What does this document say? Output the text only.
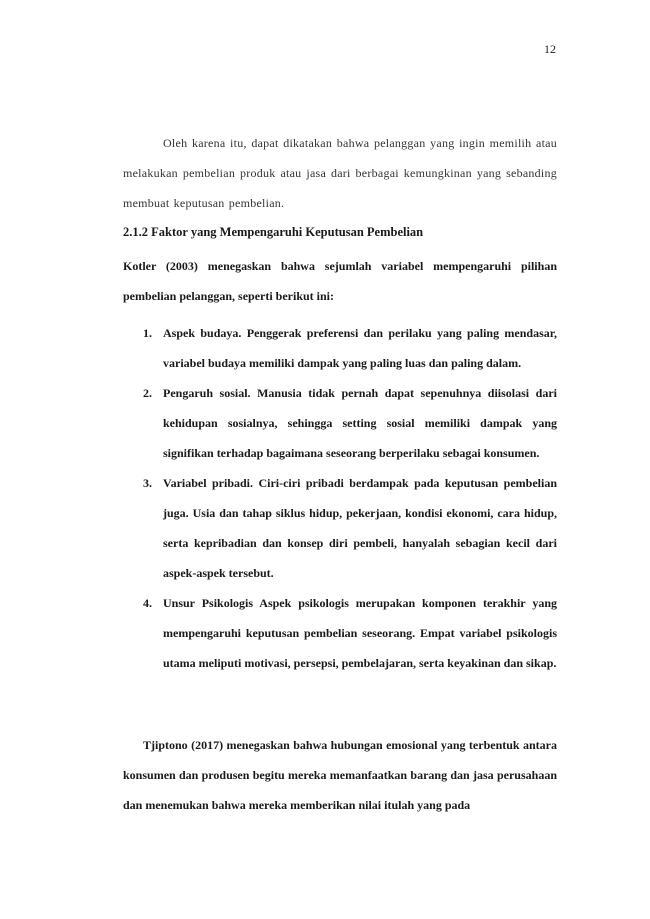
12

Oleh karena itu, dapat dikatakan bahwa pelanggan yang ingin memilih atau melakukan pembelian produk atau jasa dari berbagai kemungkinan yang sebanding membuat keputusan pembelian.

2.1.2 Faktor yang Mempengaruhi Keputusan Pembelian

Kotler (2003) menegaskan bahwa sejumlah variabel mempengaruhi pilihan pembelian pelanggan, seperti berikut ini:

1. Aspek budaya. Penggerak preferensi dan perilaku yang paling mendasar, variabel budaya memiliki dampak yang paling luas dan paling dalam.
2. Pengaruh sosial. Manusia tidak pernah dapat sepenuhnya diisolasi dari kehidupan sosialnya, sehingga setting sosial memiliki dampak yang signifikan terhadap bagaimana seseorang berperilaku sebagai konsumen.
3. Variabel pribadi. Ciri-ciri pribadi berdampak pada keputusan pembelian juga. Usia dan tahap siklus hidup, pekerjaan, kondisi ekonomi, cara hidup, serta kepribadian dan konsep diri pembeli, hanyalah sebagian kecil dari aspek-aspek tersebut.
4. Unsur Psikologis Aspek psikologis merupakan komponen terakhir yang mempengaruhi keputusan pembelian seseorang. Empat variabel psikologis utama meliputi motivasi, persepsi, pembelajaran, serta keyakinan dan sikap.

Tjiptono (2017) menegaskan bahwa hubungan emosional yang terbentuk antara konsumen dan produsen begitu mereka memanfaatkan barang dan jasa perusahaan dan menemukan bahwa mereka memberikan nilai itulah yang pada
